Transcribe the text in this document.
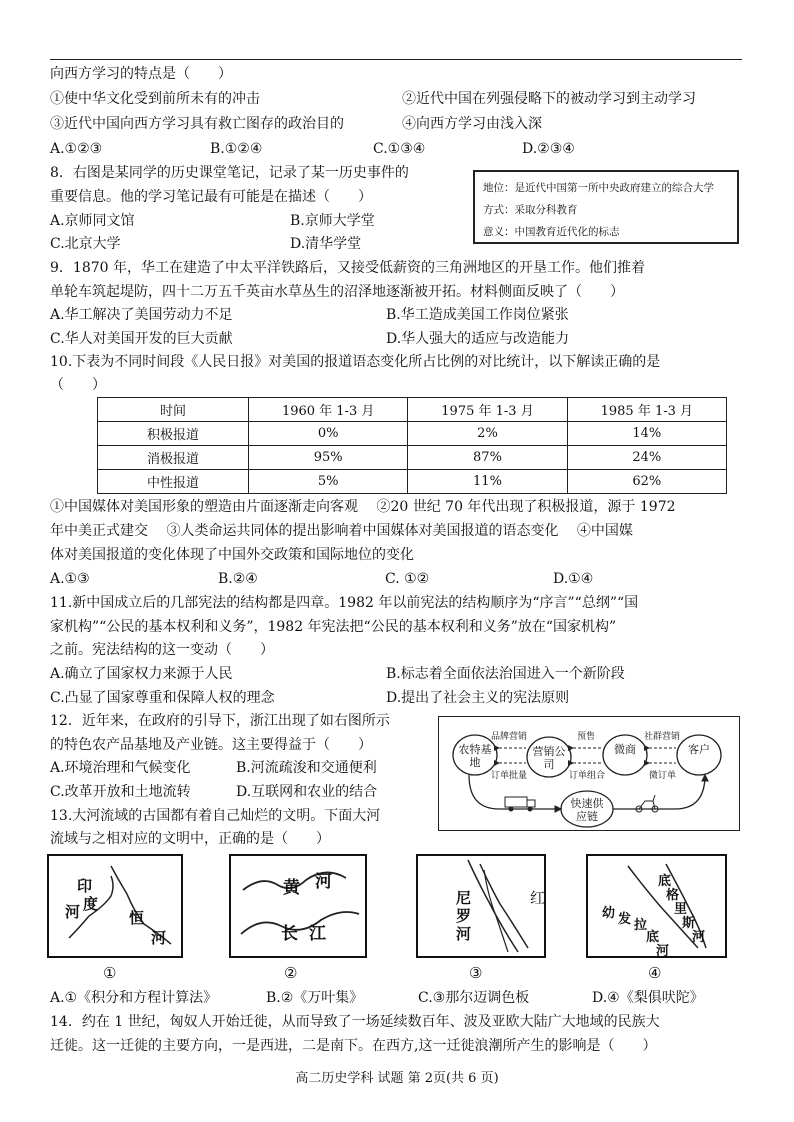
向西方学习的特点是（　　）
①使中华文化受到前所未有的冲击	②近代中国在列强侵略下的被动学习到主动学习
③近代中国向西方学习具有救亡图存的政治目的	④向西方学习由浅入深
A.①②③	B.①②④	C.①③④	D.②③④
8．右图是某同学的历史课堂笔记，记录了某一历史事件的
重要信息。他的学习笔记最有可能是在描述（　　）
A.京师同文馆	B.京师大学堂
C.北京大学	D.清华学堂
地位：是近代中国第一所中央政府建立的综合大学
方式：采取分科教育
意义：中国教育近代化的标志
9．1870 年，华工在建造了中太平洋铁路后，又接受低薪资的三角洲地区的开垦工作。他们推着
单轮车筑起堤防，四十二万五千英亩水草丛生的沼泽地逐渐被开拓。材料侧面反映了（　　）
A.华工解决了美国劳动力不足	B.华工造成美国工作岗位紧张
C.华人对美国开发的巨大贡献	D.华人强大的适应与改造能力
10.下表为不同时间段《人民日报》对美国的报道语态变化所占比例的对比统计，以下解读正确的是
（　　）
时间	1960 年 1-3 月	1975 年 1-3 月	1985 年 1-3 月
积极报道	0%	2%	14%
消极报道	95%	87%	24%
中性报道	5%	11%	62%
①中国媒体对美国形象的塑造由片面逐渐走向客观　 ②20 世纪 70 年代出现了积极报道，源于 1972
年中美正式建交　 ③人类命运共同体的提出影响着中国媒体对美国报道的语态变化　 ④中国媒
体对美国报道的变化体现了中国外交政策和国际地位的变化
A.①③	B.②④	C. ①②	D.①④
11.新中国成立后的几部宪法的结构都是四章。1982 年以前宪法的结构顺序为“序言”“总纲”“国
家机构”“公民的基本权利和义务”，1982 年宪法把“公民的基本权利和义务”放在“国家机构”
之前。宪法结构的这一变动（　　）
A.确立了国家权力来源于人民	B.标志着全面依法治国进入一个新阶段
C.凸显了国家尊重和保障人权的理念	D.提出了社会主义的宪法原则
12．近年来，在政府的引导下，浙江出现了如右图所示
的特色农产品基地及产业链。这主要得益于（　　）
A.环境治理和气候变化	B.河流疏浚和交通便利
C.改革开放和土地流转	D.互联网和农业的结合
农特基地
营销公司
微商	客户
快速供应链
品牌营销	预售	社群营销
订单批量	订单组合	微订单
13.大河流域的古国都有着自己灿烂的文明。下面大河
流域与之相对应的文明中，正确的是（　　）
印
度
河	恒
河
黄 河
长 江
尼
罗
河
红
底
格
里
斯
河
幼 发 拉
底
河
①	②	③	④
A.①《积分和方程计算法》	B.②《万叶集》	C.③那尔迈调色板	D.④《梨俱吠陀》
14．约在 1 世纪，匈奴人开始迁徙，从而导致了一场延续数百年、波及亚欧大陆广大地域的民族大
迁徙。这一迁徙的主要方向，一是西进，二是南下。在西方,这一迁徙浪潮所产生的影响是（　　）
高二历史学科 试题 第 2页(共 6 页)
